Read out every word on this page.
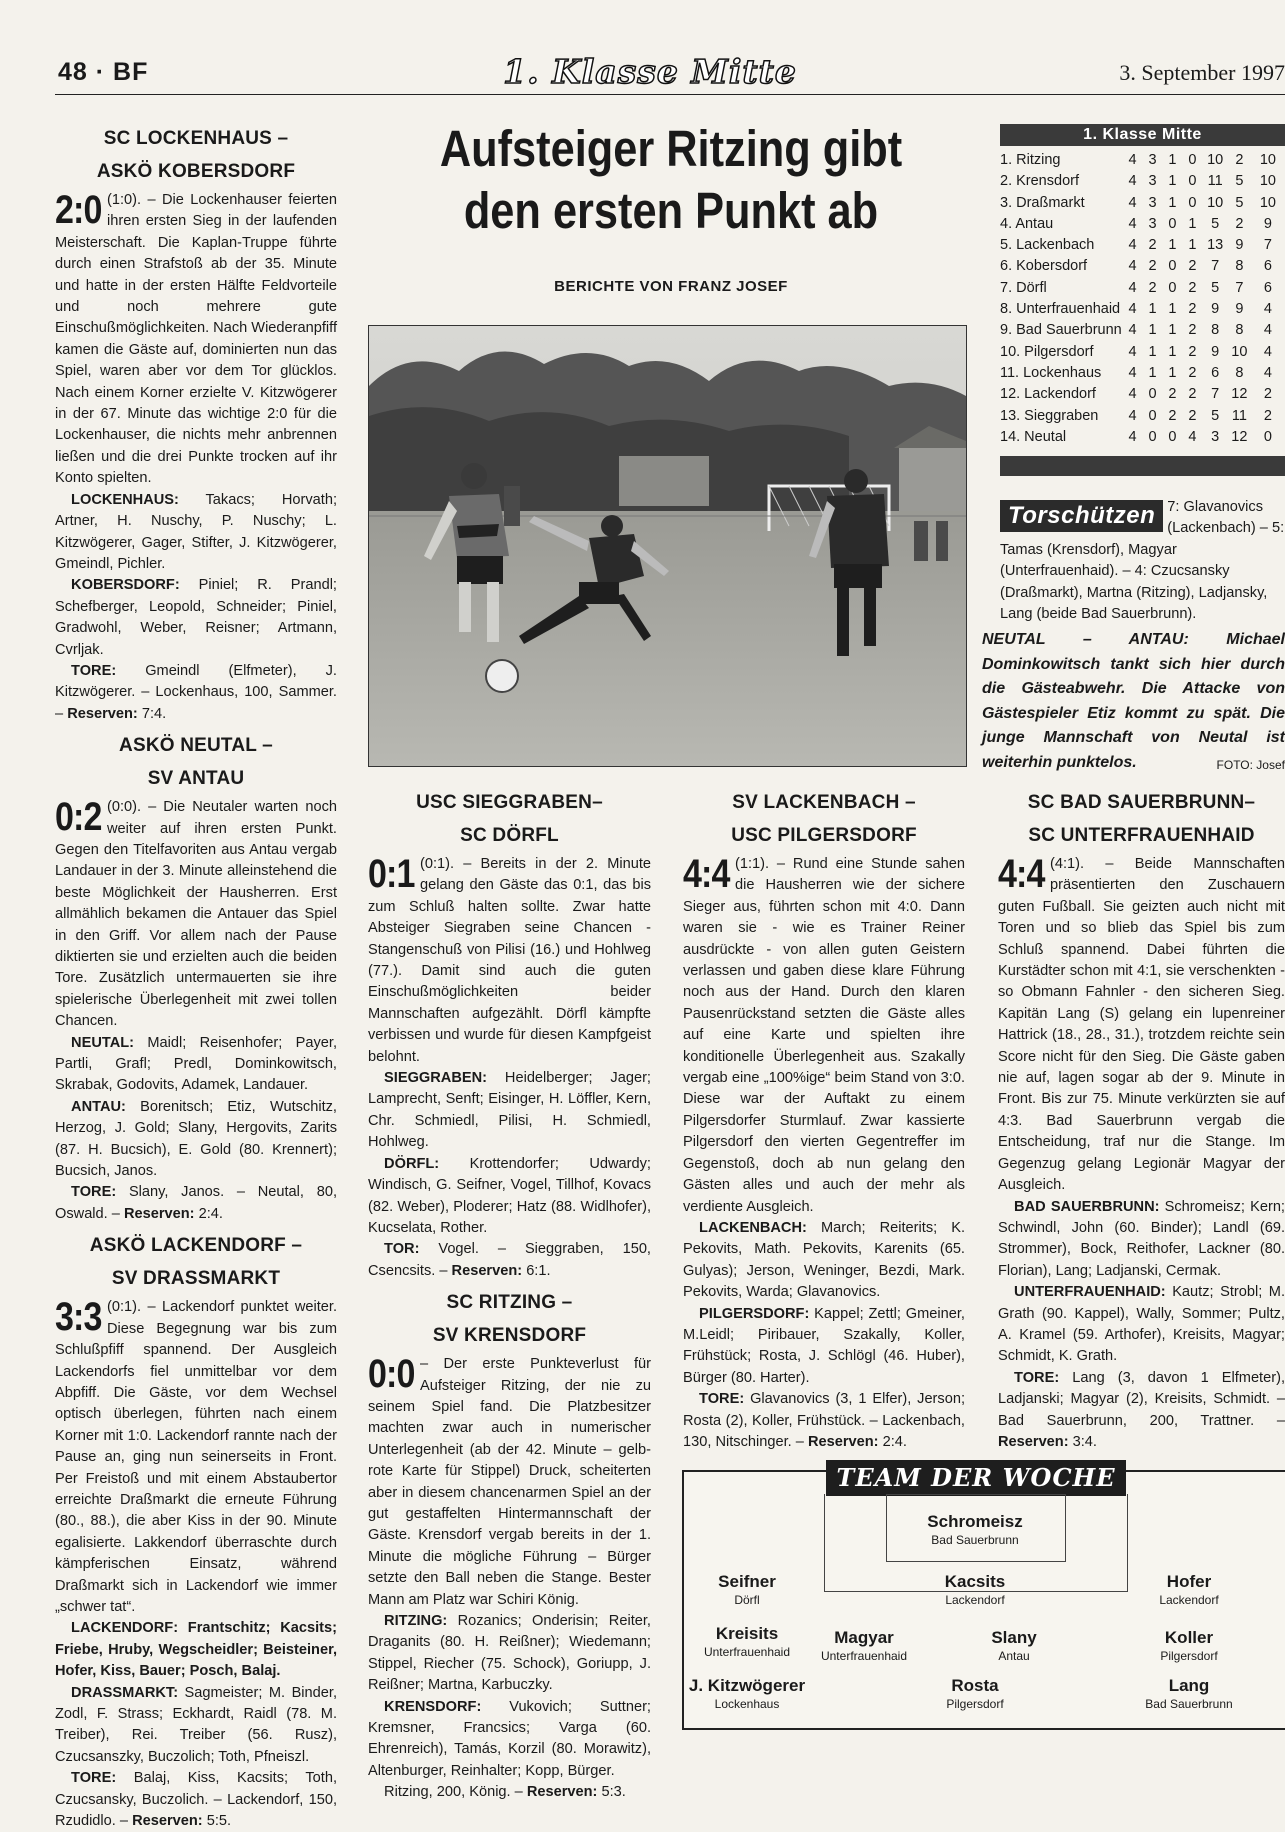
48 · BF	1. Klasse Mitte	3. September 1997
SC LOCKENHAUS –
ASKÖ KOBERSDORF

2:0 (1:0). – Die Lockenhauser feierten ihren ersten Sieg in der laufenden Meisterschaft. Die Kaplan-Truppe führte durch einen Strafstoß ab der 35. Minute und hatte in der ersten Hälfte Feldvorteile und noch mehrere gute Einschußmöglichkeiten. Nach Wiederanpfiff kamen die Gäste auf, dominierten nun das Spiel, waren aber vor dem Tor glücklos. Nach einem Korner erzielte V. Kitzwögerer in der 67. Minute das wichtige 2:0 für die Lockenhauser, die nichts mehr anbrennen ließen und die drei Punkte trocken auf ihr Konto spielten.

LOCKENHAUS: Takacs; Horvath; Artner, H. Nuschy, P. Nuschy; L. Kitzwögerer, Gager, Stifter, J. Kitzwögerer, Gmeindl, Pichler.

KOBERSDORF: Piniel; R. Prandl; Schefberger, Leopold, Schneider; Piniel, Gradwohl, Weber, Reisner; Artmann, Cvrljak.

TORE: Gmeindl (Elfmeter), J. Kitzwögerer. – Lockenhaus, 100, Sammer. – Reserven: 7:4.

ASKÖ NEUTAL –
SV ANTAU

0:2 (0:0). – Die Neutaler warten noch weiter auf ihren ersten Punkt. Gegen den Titelfavoriten aus Antau vergab Landauer in der 3. Minute alleinstehend die beste Möglichkeit der Hausherren. Erst allmählich bekamen die Antauer das Spiel in den Griff. Vor allem nach der Pause diktierten sie und erzielten auch die beiden Tore. Zusätzlich untermauerten sie ihre spielerische Überlegenheit mit zwei tollen Chancen.

NEUTAL: Maidl; Reisenhofer; Payer, Partli, Grafl; Predl, Dominkowitsch, Skrabak, Godovits, Adamek, Landauer.

ANTAU: Borenitsch; Etiz, Wutschitz, Herzog, J. Gold; Slany, Hergovits, Zarits (87. H. Bucsich), E. Gold (80. Krennert); Bucsich, Janos.

TORE: Slany, Janos. – Neutal, 80, Oswald. – Reserven: 2:4.

ASKÖ LACKENDORF –
SV DRASSMARKT

3:3 (0:1). – Lackendorf punktet weiter. Diese Begegnung war bis zum Schlußpfiff spannend. Der Ausgleich Lackendorfs fiel unmittelbar vor dem Abpfiff. Die Gäste, vor dem Wechsel optisch überlegen, führten nach einem Korner mit 1:0. Lackendorf rannte nach der Pause an, ging nun seinerseits in Front. Per Freistoß und mit einem Abstaubertor erreichte Draßmarkt die erneute Führung (80., 88.), die aber Kiss in der 90. Minute egalisierte. Lakkendorf überraschte durch kämpferischen Einsatz, während Draßmarkt sich in Lackendorf wie immer „schwer tat“.

LACKENDORF: Frantschitz; Kacsits; Friebe, Hruby, Wegscheidler; Beisteiner, Hofer, Kiss, Bauer; Posch, Balaj.

DRASSMARKT: Sagmeister; M. Binder, Zodl, F. Strass; Eckhardt, Raidl (78. M. Treiber), Rei. Treiber (56. Rusz), Czucsanszky, Buczolich; Toth, Pfneiszl.

TORE: Balaj, Kiss, Kacsits; Toth, Czucsansky, Buczolich. – Lackendorf, 150, Rzudidlo. – Reserven: 5:5.

Aufsteiger Ritzing gibt
den ersten Punkt ab
BERICHTE VON FRANZ JOSEF
USC SIEGGRABEN–
SC DÖRFL

0:1 (0:1). – Bereits in der 2. Minute gelang den Gäste das 0:1, das bis zum Schluß halten sollte. Zwar hatte Absteiger Siegraben seine Chancen - Stangenschuß von Pilisi (16.) und Hohlweg (77.). Damit sind auch die guten Einschußmöglichkeiten beider Mannschaften aufgezählt. Dörfl kämpfte verbissen und wurde für diesen Kampfgeist belohnt.

SIEGGRABEN: Heidelberger; Jager; Lamprecht, Senft; Eisinger, H. Löffler, Kern, Chr. Schmiedl, Pilisi, H. Schmiedl, Hohlweg.

DÖRFL: Krottendorfer; Udwardy; Windisch, G. Seifner, Vogel, Tillhof, Kovacs (82. Weber), Ploderer; Hatz (88. Widlhofer), Kucselata, Rother.

TOR: Vogel. – Sieggraben, 150, Csencsits. – Reserven: 6:1.

SC RITZING –
SV KRENSDORF

0:0 – Der erste Punkteverlust für Aufsteiger Ritzing, der nie zu seinem Spiel fand. Die Platzbesitzer machten zwar auch in numerischer Unterlegenheit (ab der 42. Minute – gelb-rote Karte für Stippel) Druck, scheiterten aber in diesem chancenarmen Spiel an der gut gestaffelten Hintermannschaft der Gäste. Krensdorf vergab bereits in der 1. Minute die mögliche Führung – Bürger setzte den Ball neben die Stange. Bester Mann am Platz war Schiri König.

RITZING: Rozanics; Onderisin; Reiter, Draganits (80. H. Reißner); Wiedemann; Stippel, Riecher (75. Schock), Goriupp, J. Reißner; Martna, Karbuczky.

KRENSDORF: Vukovich; Suttner; Kremsner, Francsics; Varga (60. Ehrenreich), Tamás, Korzil (80. Morawitz), Altenburger, Reinhalter; Kopp, Bürger.

Ritzing, 200, König. – Reserven: 5:3.

SV LACKENBACH –
USC PILGERSDORF

4:4 (1:1). – Rund eine Stunde sahen die Hausherren wie der sichere Sieger aus, führten schon mit 4:0. Dann waren sie - wie es Trainer Reiner ausdrückte - von allen guten Geistern verlassen und gaben diese klare Führung noch aus der Hand. Durch den klaren Pausenrückstand setzten die Gäste alles auf eine Karte und spielten ihre konditionelle Überlegenheit aus. Szakally vergab eine „100%ige“ beim Stand von 3:0. Diese war der Auftakt zu einem Pilgersdorfer Sturmlauf. Zwar kassierte Pilgersdorf den vierten Gegentreffer im Gegenstoß, doch ab nun gelang den Gästen alles und auch der mehr als verdiente Ausgleich.

LACKENBACH: March; Reiterits; K. Pekovits, Math. Pekovits, Karenits (65. Gulyas); Jerson, Weninger, Bezdi, Mark. Pekovits, Warda; Glavanovics.

PILGERSDORF: Kappel; Zettl; Gmeiner, M.Leidl; Piribauer, Szakally, Koller, Frühstück; Rosta, J. Schlögl (46. Huber), Bürger (80. Harter).

TORE: Glavanovics (3, 1 Elfer), Jerson; Rosta (2), Koller, Frühstück. – Lackenbach, 130, Nitschinger. – Reserven: 2:4.

1. Klasse Mitte
1. Ritzing	4	3	1	0	10	2	10
2. Krensdorf	4	3	1	0	11	5	10
3. Draßmarkt	4	3	1	0	10	5	10
4. Antau	4	3	0	1	5	2	9
5. Lackenbach	4	2	1	1	13	9	7
6. Kobersdorf	4	2	0	2	7	8	6
7. Dörfl	4	2	0	2	5	7	6
8. Unterfrauenhaid	4	1	1	2	9	9	4
9. Bad Sauerbrunn	4	1	1	2	8	8	4
10. Pilgersdorf	4	1	1	2	9	10	4
11. Lockenhaus	4	1	1	2	6	8	4
12. Lackendorf	4	0	2	2	7	12	2
13. Sieggraben	4	0	2	2	5	11	2
14. Neutal	4	0	0	4	3	12	0
Torschützen 7: Glavanovics (Lackenbach) – 5: Tamas (Krensdorf), Magyar (Unterfrauenhaid). – 4: Czucsansky (Draßmarkt), Martna (Ritzing), Ladjansky, Lang (beide Bad Sauerbrunn).
NEUTAL – ANTAU: Michael Dominkowitsch tankt sich hier durch die Gästeabwehr. Die Attacke von Gästespieler Etiz kommt zu spät. Die junge Mannschaft von Neutal ist weiterhin punktelos.	FOTO: Josef
SC BAD SAUERBRUNN–
SC UNTERFRAUENHAID

4:4 (4:1). – Beide Mannschaften präsentierten den Zuschauern guten Fußball. Sie geizten auch nicht mit Toren und so blieb das Spiel bis zum Schluß spannend. Dabei führten die Kurstädter schon mit 4:1, sie verschenkten - so Obmann Fahnler - den sicheren Sieg. Kapitän Lang (S) gelang ein lupenreiner Hattrick (18., 28., 31.), trotzdem reichte sein Score nicht für den Sieg. Die Gäste gaben nie auf, lagen sogar ab der 9. Minute in Front. Bis zur 75. Minute verkürzten sie auf 4:3. Bad Sauerbrunn vergab die Entscheidung, traf nur die Stange. Im Gegenzug gelang Legionär Magyar der Ausgleich.

BAD SAUERBRUNN: Schromeisz; Kern; Schwindl, John (60. Binder); Landl (69. Strommer), Bock, Reithofer, Lackner (80. Florian), Lang; Ladjanski, Cermak.

UNTERFRAUENHAID: Kautz; Strobl; M. Grath (90. Kappel), Wally, Sommer; Pultz, A. Kramel (59. Arthofer), Kreisits, Magyar; Schmidt, K. Grath.

TORE: Lang (3, davon 1 Elfmeter), Ladjanski; Magyar (2), Kreisits, Schmidt. – Bad Sauerbrunn, 200, Trattner. – Reserven: 3:4.

TEAM DER WOCHE
Schromeisz
Bad Sauerbrunn
Seifner
Dörfl
Kacsits
Lackendorf
Hofer
Lackendorf
Kreisits
Unterfrauenhaid
Magyar
Unterfrauenhaid
Slany
Antau
Koller
Pilgersdorf
J. Kitzwögerer
Lockenhaus
Rosta
Pilgersdorf
Lang
Bad Sauerbrunn
